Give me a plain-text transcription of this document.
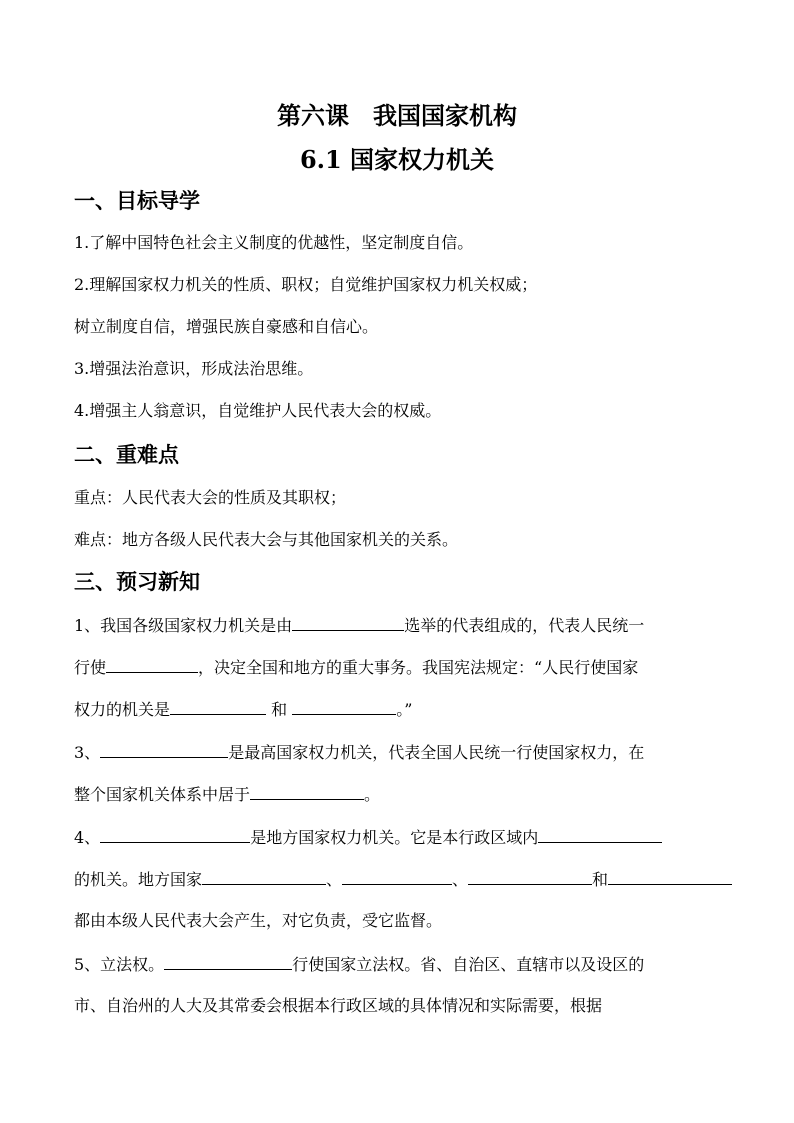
第六课　我国国家机构
6.1 国家权力机关
一、目标导学
1.了解中国特色社会主义制度的优越性，坚定制度自信。
2.理解国家权力机关的性质、职权；自觉维护国家权力机关权威；
树立制度自信，增强民族自豪感和自信心。
3.增强法治意识，形成法治思维。
4.增强主人翁意识，自觉维护人民代表大会的权威。
二、重难点
重点：人民代表大会的性质及其职权；
难点：地方各级人民代表大会与其他国家机关的关系。
三、预习新知
1、我国各级国家权力机关是由	选举的代表组成的，代表人民统一
行使	，决定全国和地方的重大事务。我国宪法规定：“人民行使国家
权力的机关是	和	。”
3、	是最高国家权力机关，代表全国人民统一行使国家权力，在
整个国家机关体系中居于	。
4、	是地方国家权力机关。它是本行政区域内
的机关。地方国家	、	、	和
都由本级人民代表大会产生，对它负责，受它监督。
5、立法权。	行使国家立法权。省、自治区、直辖市以及设区的
市、自治州的人大及其常委会根据本行政区域的具体情况和实际需要，根据
